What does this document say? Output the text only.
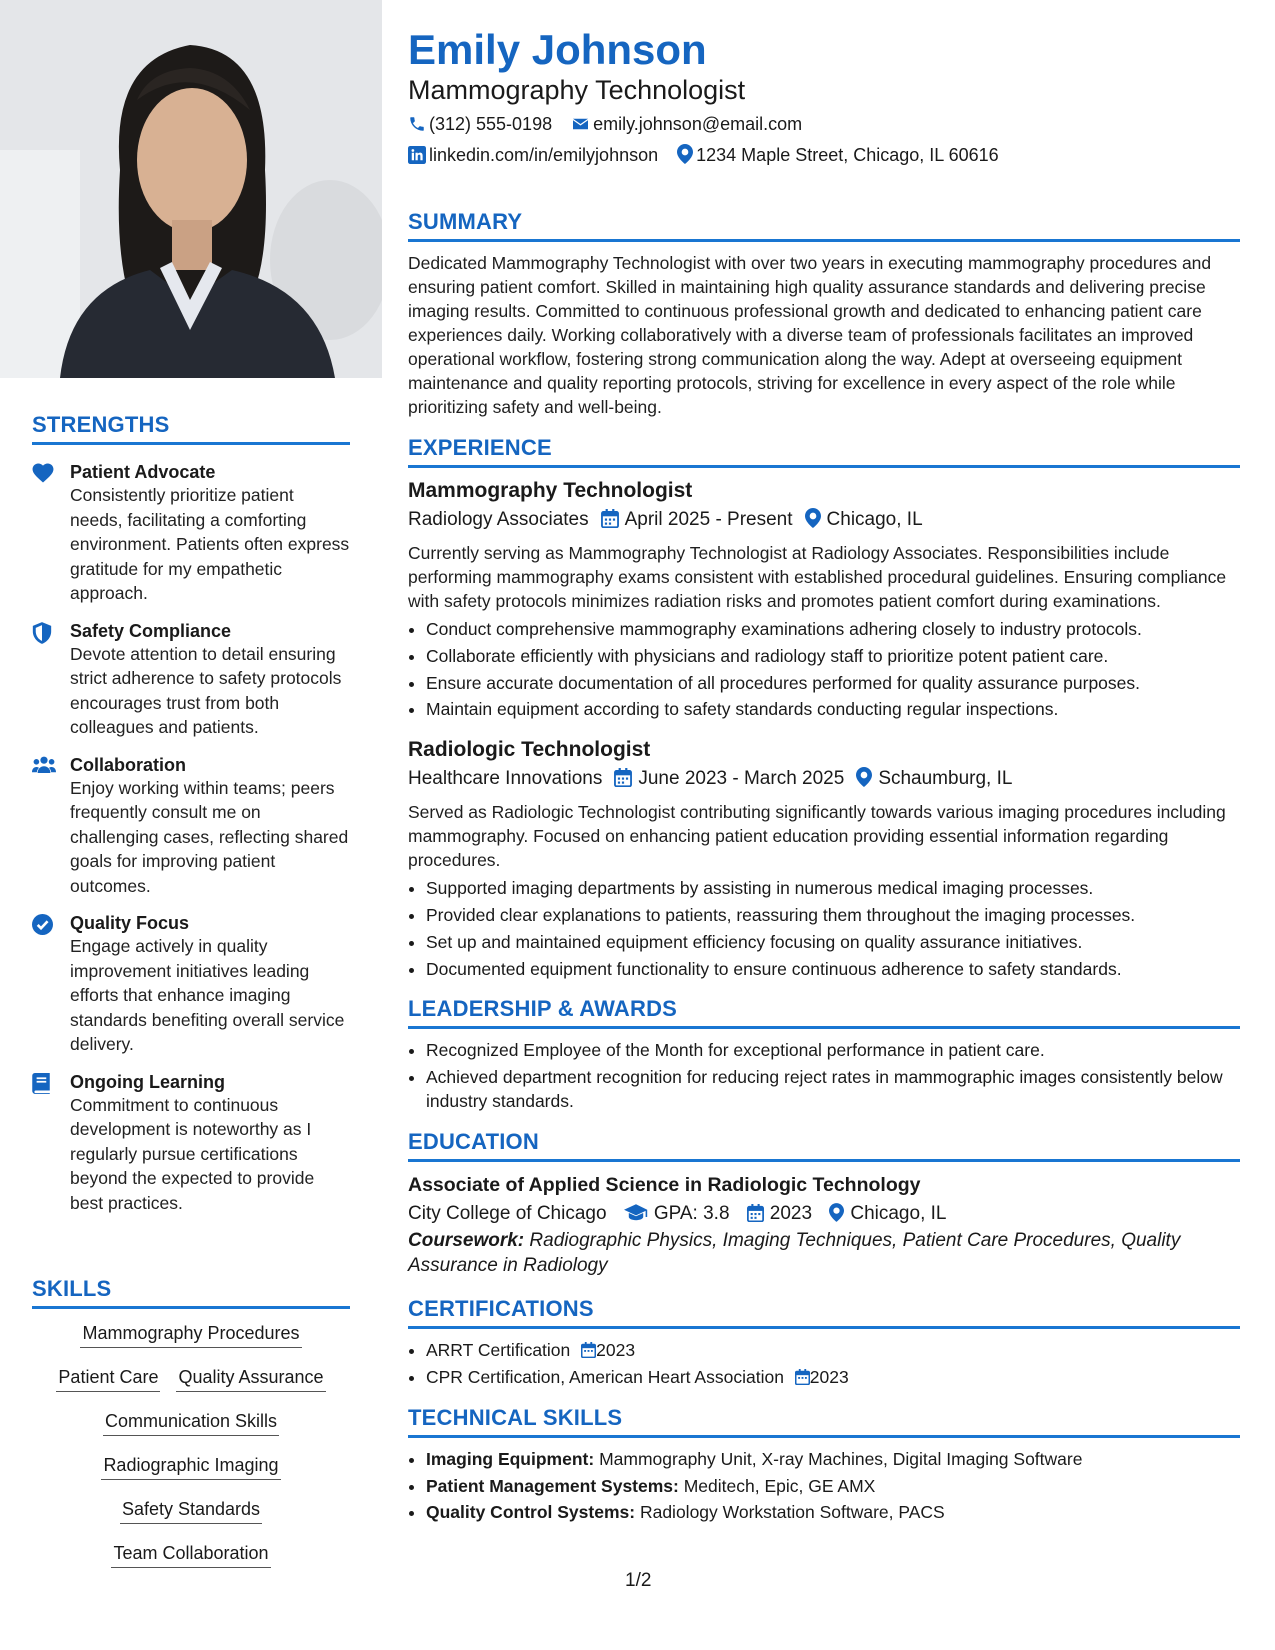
STRENGTHS
Patient Advocate
Consistently prioritize patient needs, facilitating a comforting environment. Patients often express gratitude for my empathetic approach.
Safety Compliance
Devote attention to detail ensuring strict adherence to safety protocols encourages trust from both colleagues and patients.
Collaboration
Enjoy working within teams; peers frequently consult me on challenging cases, reflecting shared goals for improving patient outcomes.
Quality Focus
Engage actively in quality improvement initiatives leading efforts that enhance imaging standards benefiting overall service delivery.
Ongoing Learning
Commitment to continuous development is noteworthy as I regularly pursue certifications beyond the expected to provide best practices.
SKILLS
Mammography Procedures
Patient Care Quality Assurance
Communication Skills
Radiographic Imaging
Safety Standards
Team Collaboration
Emily Johnson
Mammography Technologist
(312) 555-0198 emily.johnson@email.com
linkedin.com/in/emilyjohnson 1234 Maple Street, Chicago, IL 60616
SUMMARY
Dedicated Mammography Technologist with over two years in executing mammography procedures and ensuring patient comfort. Skilled in maintaining high quality assurance standards and delivering precise imaging results. Committed to continuous professional growth and dedicated to enhancing patient care experiences daily. Working collaboratively with a diverse team of professionals facilitates an improved operational workflow, fostering strong communication along the way. Adept at overseeing equipment maintenance and quality reporting protocols, striving for excellence in every aspect of the role while prioritizing safety and well-being.
EXPERIENCE
Mammography Technologist
Radiology Associates April 2025 - Present Chicago, IL
Currently serving as Mammography Technologist at Radiology Associates. Responsibilities include performing mammography exams consistent with established procedural guidelines. Ensuring compliance with safety protocols minimizes radiation risks and promotes patient comfort during examinations.
• Conduct comprehensive mammography examinations adhering closely to industry protocols.
• Collaborate efficiently with physicians and radiology staff to prioritize potent patient care.
• Ensure accurate documentation of all procedures performed for quality assurance purposes.
• Maintain equipment according to safety standards conducting regular inspections.
Radiologic Technologist
Healthcare Innovations June 2023 - March 2025 Schaumburg, IL
Served as Radiologic Technologist contributing significantly towards various imaging procedures including mammography. Focused on enhancing patient education providing essential information regarding procedures.
• Supported imaging departments by assisting in numerous medical imaging processes.
• Provided clear explanations to patients, reassuring them throughout the imaging processes.
• Set up and maintained equipment efficiency focusing on quality assurance initiatives.
• Documented equipment functionality to ensure continuous adherence to safety standards.
LEADERSHIP & AWARDS
• Recognized Employee of the Month for exceptional performance in patient care.
• Achieved department recognition for reducing reject rates in mammographic images consistently below industry standards.
EDUCATION
Associate of Applied Science in Radiologic Technology
City College of Chicago GPA: 3.8 2023 Chicago, IL
Coursework: Radiographic Physics, Imaging Techniques, Patient Care Procedures, Quality Assurance in Radiology
CERTIFICATIONS
• ARRT Certification 2023
• CPR Certification, American Heart Association 2023
TECHNICAL SKILLS
• Imaging Equipment: Mammography Unit, X-ray Machines, Digital Imaging Software
• Patient Management Systems: Meditech, Epic, GE AMX
• Quality Control Systems: Radiology Workstation Software, PACS
1/2
